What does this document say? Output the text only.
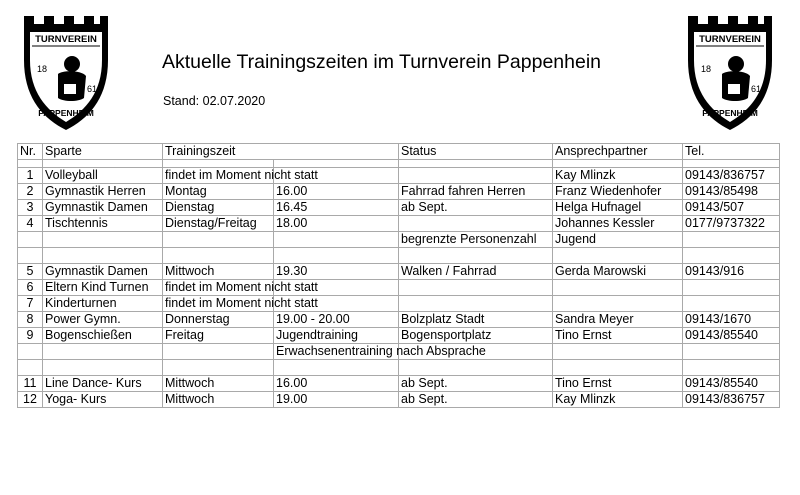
TURNVEREIN
18
61
PAPPENHEIM
TURNVEREIN
18
61
PAPPENHEIM
Aktuelle Trainingszeiten im Turnverein Pappenhein
Stand: 02.07.2020
Nr.	Sparte	Trainingszeit		Status	Ansprechpartner	Tel.

1	Volleyball	findet im Moment nicht statt			Kay Mlinzk	09143/836757
2	Gymnastik Herren	Montag	16.00	Fahrrad fahren Herren	Franz Wiedenhofer	09143/85498
3	Gymnastik Damen	Dienstag	16.45	ab Sept.	Helga Hufnagel	09143/507
4	Tischtennis	Dienstag/Freitag	18.00		Johannes Kessler	0177/9737322
				begrenzte Personenzahl	Jugend	

5	Gymnastik Damen	Mittwoch	19.30	Walken / Fahrrad	Gerda Marowski	09143/916
6	Eltern Kind Turnen	findet im Moment nicht statt				
7	Kinderturnen	findet im Moment nicht statt				
8	Power Gymn.	Donnerstag	19.00 - 20.00	Bolzplatz Stadt	Sandra Meyer	09143/1670
9	Bogenschießen	Freitag	Jugendtraining	Bogensportplatz	Tino Ernst	09143/85540
			Erwachsenentraining nach Absprache			

11	Line Dance- Kurs	Mittwoch	16.00	ab Sept.	Tino Ernst	09143/85540
12	Yoga- Kurs	Mittwoch	19.00	ab Sept.	Kay Mlinzk	09143/836757
